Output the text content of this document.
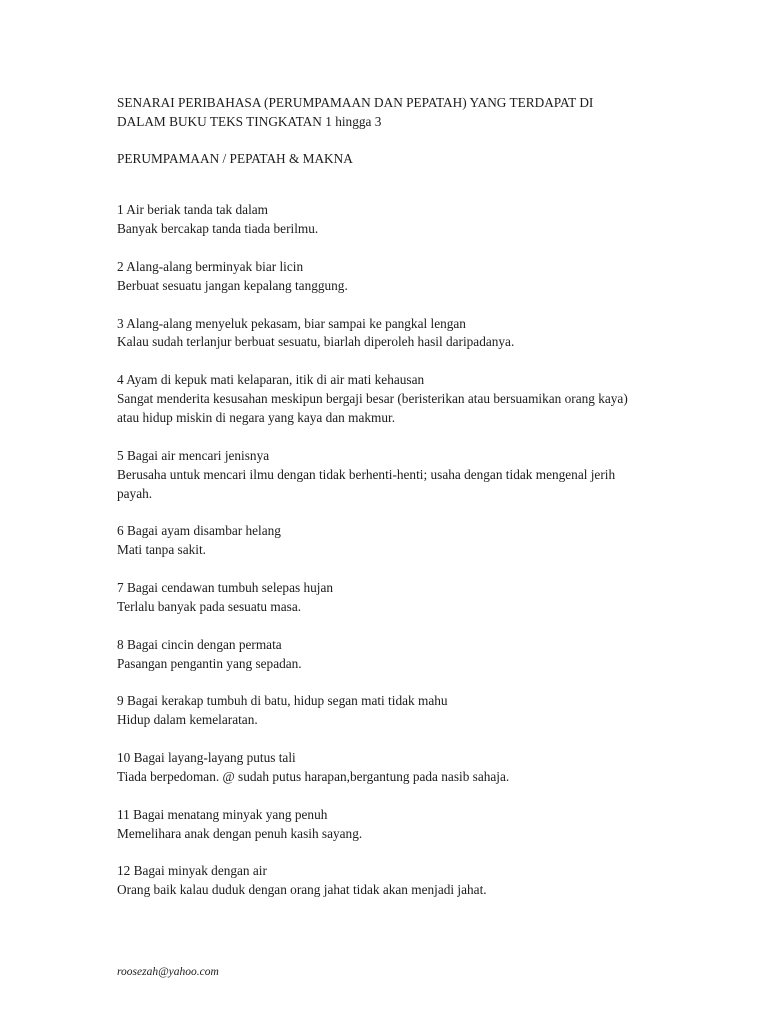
SENARAI PERIBAHASA (PERUMPAMAAN DAN PEPATAH) YANG TERDAPAT DI
DALAM BUKU TEKS TINGKATAN 1 hingga 3
PERUMPAMAAN / PEPATAH & MAKNA
1 Air beriak tanda tak dalam
Banyak bercakap tanda tiada berilmu.
2 Alang-alang berminyak biar licin
Berbuat sesuatu jangan kepalang tanggung.
3 Alang-alang menyeluk pekasam, biar sampai ke pangkal lengan
Kalau sudah terlanjur berbuat sesuatu, biarlah diperoleh hasil daripadanya.
4 Ayam di kepuk mati kelaparan, itik di air mati kehausan
Sangat menderita kesusahan meskipun bergaji besar (beristerikan atau bersuamikan orang kaya)
atau hidup miskin di negara yang kaya dan makmur.
5 Bagai air mencari jenisnya
Berusaha untuk mencari ilmu dengan tidak berhenti-henti; usaha dengan tidak mengenal jerih
payah.
6 Bagai ayam disambar helang
Mati tanpa sakit.
7 Bagai cendawan tumbuh selepas hujan
Terlalu banyak pada sesuatu masa.
8 Bagai cincin dengan permata
Pasangan pengantin yang sepadan.
9 Bagai kerakap tumbuh di batu, hidup segan mati tidak mahu
Hidup dalam kemelaratan.
10 Bagai layang-layang putus tali
Tiada berpedoman. @ sudah putus harapan,bergantung pada nasib sahaja.
11 Bagai menatang minyak yang penuh
Memelihara anak dengan penuh kasih sayang.
12 Bagai minyak dengan air
Orang baik kalau duduk dengan orang jahat tidak akan menjadi jahat.
roosezah@yahoo.com
